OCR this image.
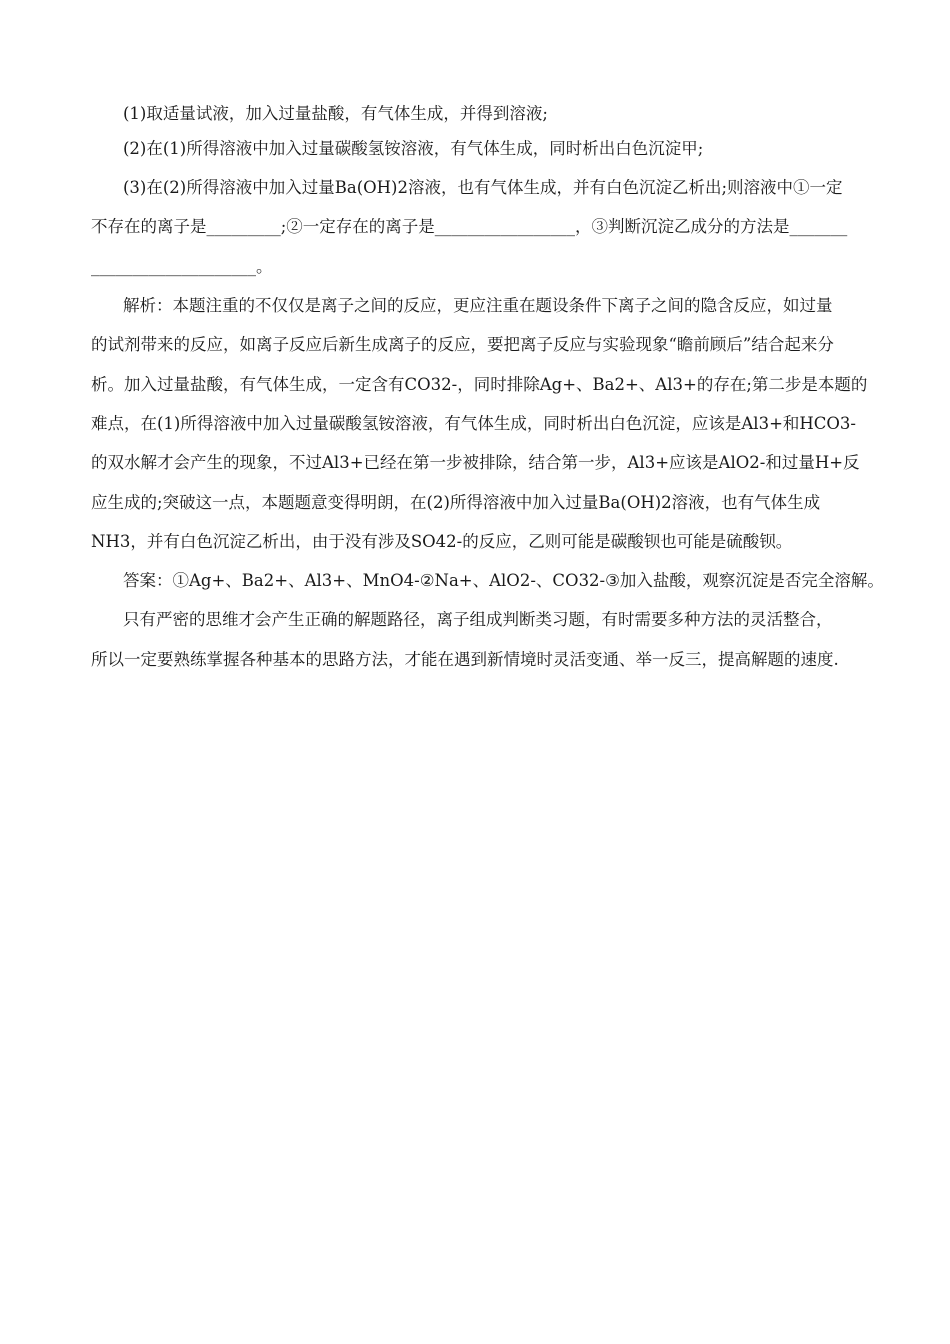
(1)取适量试液，加入过量盐酸，有气体生成，并得到溶液;
(2)在(1)所得溶液中加入过量碳酸氢铵溶液，有气体生成，同时析出白色沉淀甲;
(3)在(2)所得溶液中加入过量Ba(OH)2溶液，也有气体生成，并有白色沉淀乙析出;则溶液中①一定
不存在的离子是_________;②一定存在的离子是_________________，③判断沉淀乙成分的方法是_______
____________________。
解析：本题注重的不仅仅是离子之间的反应，更应注重在题设条件下离子之间的隐含反应，如过量
的试剂带来的反应，如离子反应后新生成离子的反应，要把离子反应与实验现象“瞻前顾后”结合起来分
析。加入过量盐酸，有气体生成，一定含有CO32-，同时排除Ag+、Ba2+、Al3+的存在;第二步是本题的
难点，在(1)所得溶液中加入过量碳酸氢铵溶液，有气体生成，同时析出白色沉淀，应该是Al3+和HCO3-
的双水解才会产生的现象，不过Al3+已经在第一步被排除，结合第一步，Al3+应该是AlO2-和过量H+反
应生成的;突破这一点，本题题意变得明朗，在(2)所得溶液中加入过量Ba(OH)2溶液，也有气体生成
NH3，并有白色沉淀乙析出，由于没有涉及SO42-的反应，乙则可能是碳酸钡也可能是硫酸钡。
答案：①Ag+、Ba2+、Al3+、MnO4-②Na+、AlO2-、CO32-③加入盐酸，观察沉淀是否完全溶解。
只有严密的思维才会产生正确的解题路径，离子组成判断类习题，有时需要多种方法的灵活整合，
所以一定要熟练掌握各种基本的思路方法，才能在遇到新情境时灵活变通、举一反三，提高解题的速度.
